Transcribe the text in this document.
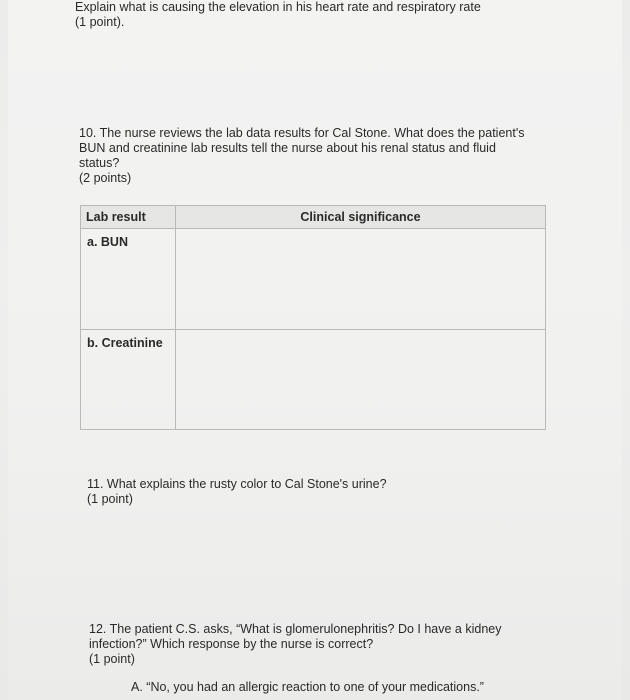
Explain what is causing the elevation in his heart rate and respiratory rate
(1 point).
10. The nurse reviews the lab data results for Cal Stone. What does the patient's
BUN and creatinine lab results tell the nurse about his renal status and fluid
status?
(2 points)
Lab result	Clinical significance
a. BUN	
b. Creatinine	
11. What explains the rusty color to Cal Stone's urine?
(1 point)
12. The patient C.S. asks, “What is glomerulonephritis? Do I have a kidney
infection?” Which response by the nurse is correct?
(1 point)
A. “No, you had an allergic reaction to one of your medications.”
